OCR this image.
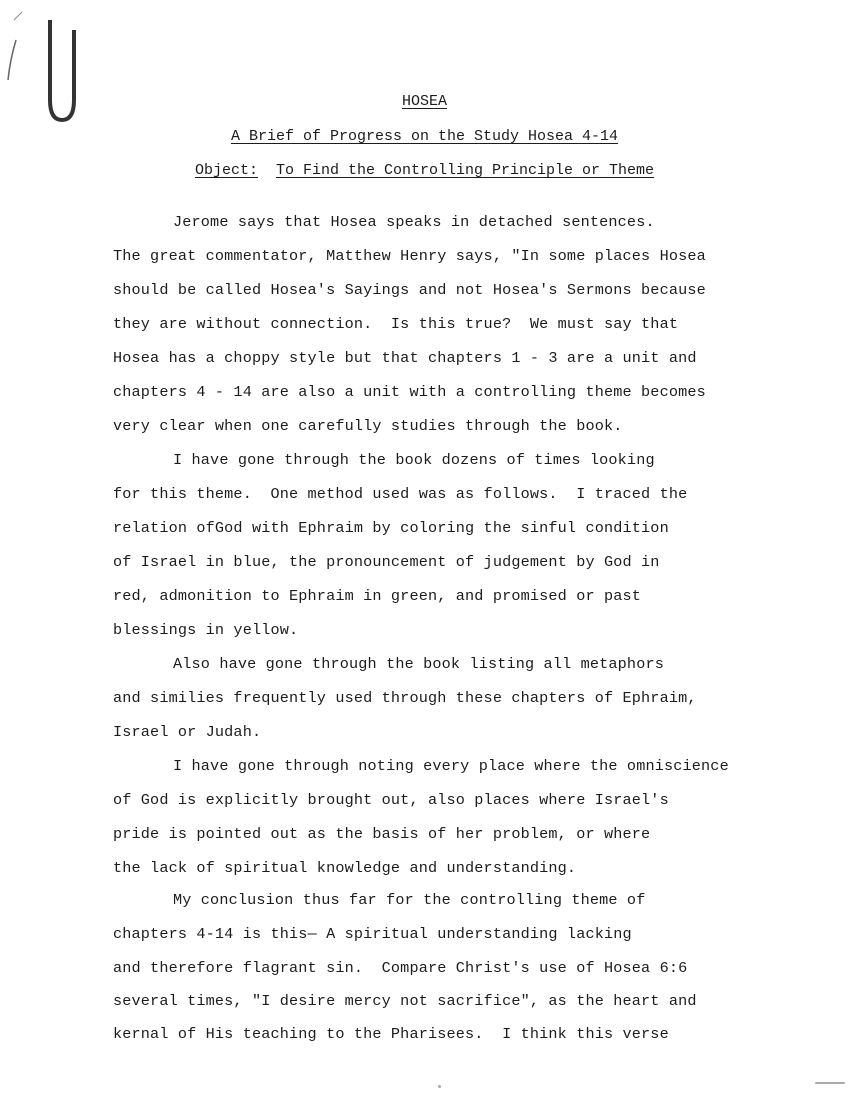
HOSEA
A Brief of Progress on the Study Hosea 4-14
Object: To Find the Controlling Principle or Theme
Jerome says that Hosea speaks in detached sentences.
The great commentator, Matthew Henry says, "In some places Hosea
should be called Hosea's Sayings and not Hosea's Sermons because
they are without connection.  Is this true?  We must say that
Hosea has a choppy style but that chapters 1 - 3 are a unit and
chapters 4 - 14 are also a unit with a controlling theme becomes
very clear when one carefully studies through the book.
I have gone through the book dozens of times looking
for this theme.  One method used was as follows.  I traced the
relation ofGod with Ephraim by coloring the sinful condition
of Israel in blue, the pronouncement of judgement by God in
red, admonition to Ephraim in green, and promised or past
blessings in yellow.
Also have gone through the book listing all metaphors
and similies frequently used through these chapters of Ephraim,
Israel or Judah.
I have gone through noting every place where the omniscience
of God is explicitly brought out, also places where Israel's
pride is pointed out as the basis of her problem, or where
the lack of spiritual knowledge and understanding.
My conclusion thus far for the controlling theme of
chapters 4-14 is this— A spiritual understanding lacking
and therefore flagrant sin.  Compare Christ's use of Hosea 6:6
several times, "I desire mercy not sacrifice", as the heart and
kernal of His teaching to the Pharisees.  I think this verse
